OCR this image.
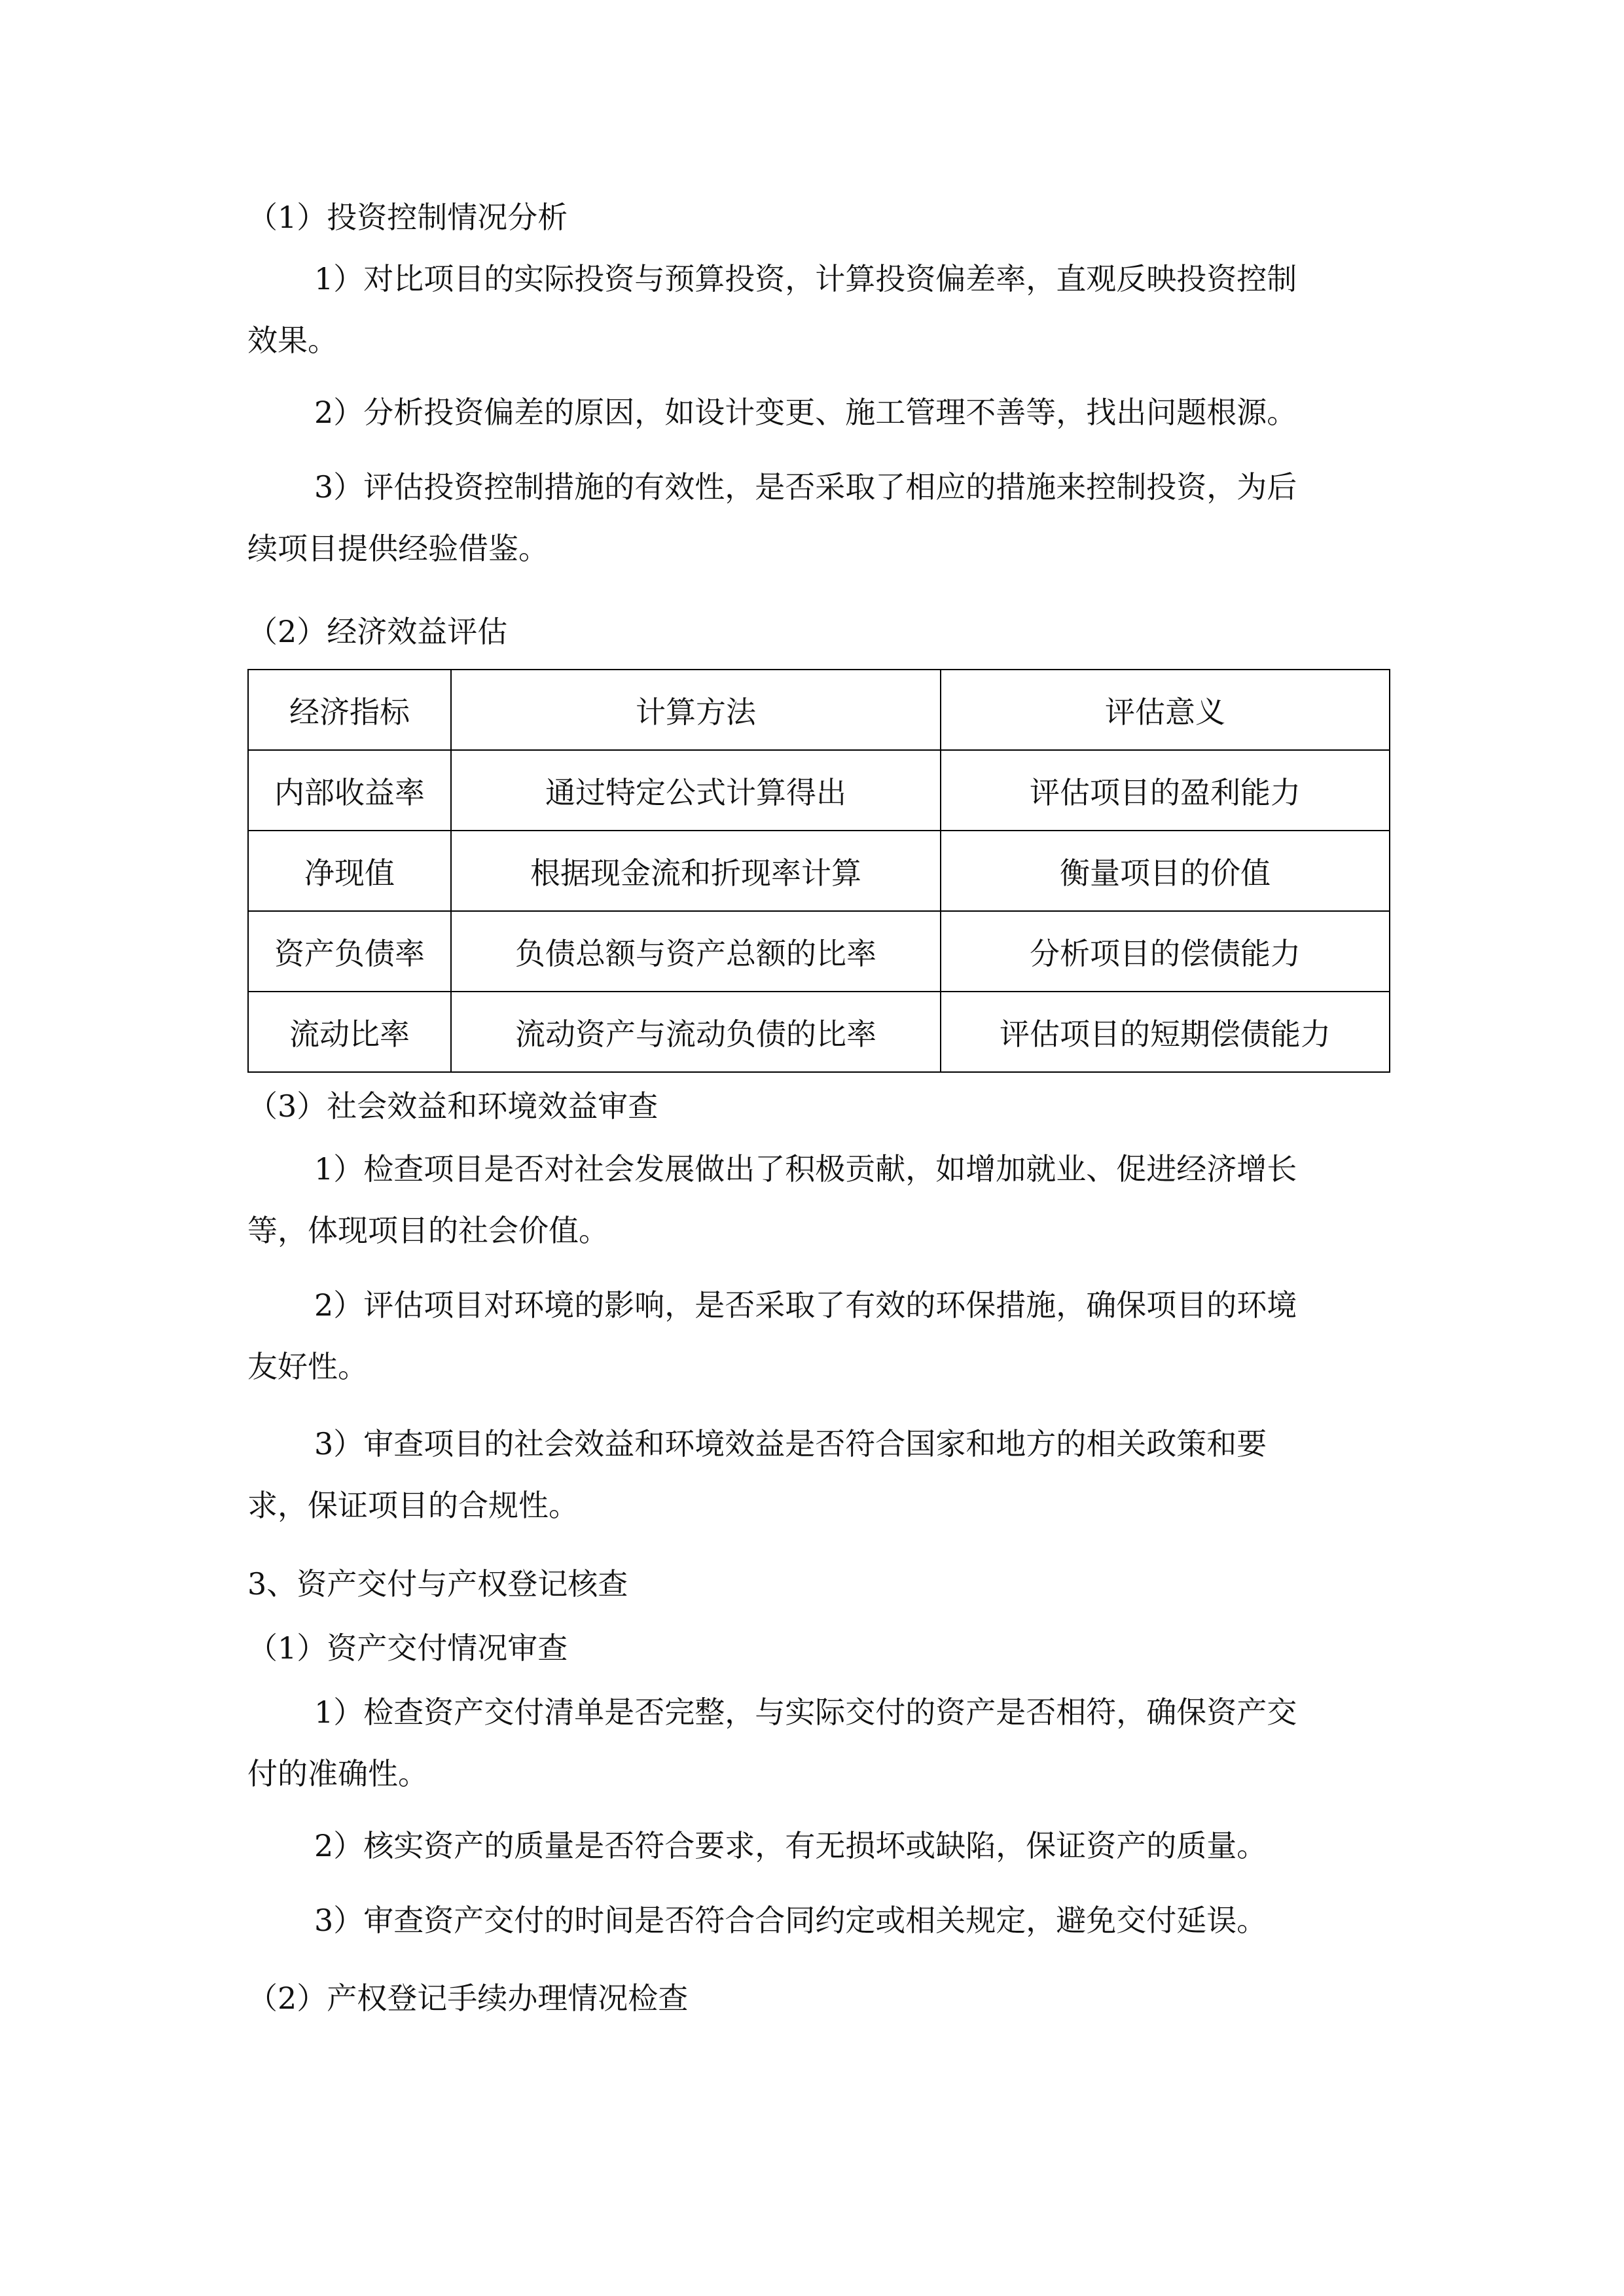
（1）投资控制情况分析
1）对比项目的实际投资与预算投资，计算投资偏差率，直观反映投资控制
效果。
2）分析投资偏差的原因，如设计变更、施工管理不善等，找出问题根源。
3）评估投资控制措施的有效性，是否采取了相应的措施来控制投资，为后
续项目提供经验借鉴。
（2）经济效益评估
经济指标	计算方法	评估意义
内部收益率	通过特定公式计算得出	评估项目的盈利能力
净现值	根据现金流和折现率计算	衡量项目的价值
资产负债率	负债总额与资产总额的比率	分析项目的偿债能力
流动比率	流动资产与流动负债的比率	评估项目的短期偿债能力
（3）社会效益和环境效益审查
1）检查项目是否对社会发展做出了积极贡献，如增加就业、促进经济增长
等，体现项目的社会价值。
2）评估项目对环境的影响，是否采取了有效的环保措施，确保项目的环境
友好性。
3）审查项目的社会效益和环境效益是否符合国家和地方的相关政策和要
求，保证项目的合规性。
3、资产交付与产权登记核查
（1）资产交付情况审查
1）检查资产交付清单是否完整，与实际交付的资产是否相符，确保资产交
付的准确性。
2）核实资产的质量是否符合要求，有无损坏或缺陷，保证资产的质量。
3）审查资产交付的时间是否符合合同约定或相关规定，避免交付延误。
（2）产权登记手续办理情况检查
